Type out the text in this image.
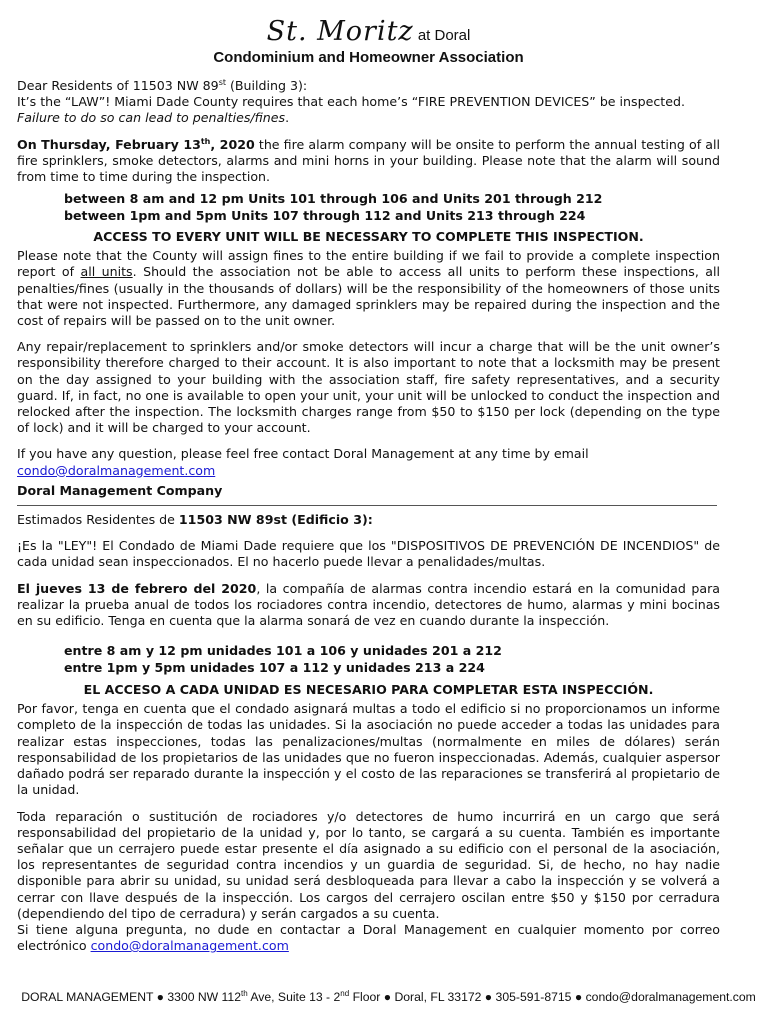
St. Moritz at Doral
Condominium and Homeowner Association

Dear Residents of 11503 NW 89st (Building 3):

It’s the “LAW”! Miami Dade County requires that each home’s “FIRE PREVENTION DEVICES” be inspected.

Failure to do so can lead to penalties/fines.

On Thursday, February 13th, 2020 the fire alarm company will be onsite to perform the annual testing of all fire sprinklers, smoke detectors, alarms and mini horns in your building. Please note that the alarm will sound from time to time during the inspection.

between 8 am and 12 pm Units 101 through 106 and Units 201 through 212
between 1pm and 5pm Units 107 through 112 and Units 213 through 224
ACCESS TO EVERY UNIT WILL BE NECESSARY TO COMPLETE THIS INSPECTION.

Please note that the County will assign fines to the entire building if we fail to provide a complete inspection report of all units. Should the association not be able to access all units to perform these inspections, all penalties/fines (usually in the thousands of dollars) will be the responsibility of the homeowners of those units that were not inspected. Furthermore, any damaged sprinklers may be repaired during the inspection and the cost of repairs will be passed on to the unit owner.

Any repair/replacement to sprinklers and/or smoke detectors will incur a charge that will be the unit owner’s responsibility therefore charged to their account. It is also important to note that a locksmith may be present on the day assigned to your building with the association staff, fire safety representatives, and a security guard. If, in fact, no one is available to open your unit, your unit will be unlocked to conduct the inspection and relocked after the inspection. The locksmith charges range from $50 to $150 per lock (depending on the type of lock) and it will be charged to your account.

If you have any question, please feel free contact Doral Management at any time by email

condo@doralmanagement.com

Doral Management Company

Estimados Residentes de 11503 NW 89st (Edificio 3):

¡Es la "LEY"! El Condado de Miami Dade requiere que los "DISPOSITIVOS DE PREVENCIÓN DE INCENDIOS" de cada unidad sean inspeccionados. El no hacerlo puede llevar a penalidades/multas.

El jueves 13 de febrero del 2020, la compañía de alarmas contra incendio estará en la comunidad para realizar la prueba anual de todos los rociadores contra incendio, detectores de humo, alarmas y mini bocinas en su edificio. Tenga en cuenta que la alarma sonará de vez en cuando durante la inspección.

entre 8 am y 12 pm unidades 101 a 106 y unidades 201 a 212
entre 1pm y 5pm unidades 107 a 112 y unidades 213 a 224
EL ACCESO A CADA UNIDAD ES NECESARIO PARA COMPLETAR ESTA INSPECCIÓN.

Por favor, tenga en cuenta que el condado asignará multas a todo el edificio si no proporcionamos un informe completo de la inspección de todas las unidades. Si la asociación no puede acceder a todas las unidades para realizar estas inspecciones, todas las penalizaciones/multas (normalmente en miles de dólares) serán responsabilidad de los propietarios de las unidades que no fueron inspeccionadas. Además, cualquier aspersor dañado podrá ser reparado durante la inspección y el costo de las reparaciones se transferirá al propietario de la unidad.

Toda reparación o sustitución de rociadores y/o detectores de humo incurrirá en un cargo que será responsabilidad del propietario de la unidad y, por lo tanto, se cargará a su cuenta. También es importante señalar que un cerrajero puede estar presente el día asignado a su edificio con el personal de la asociación, los representantes de seguridad contra incendios y un guardia de seguridad. Si, de hecho, no hay nadie disponible para abrir su unidad, su unidad será desbloqueada para llevar a cabo la inspección y se volverá a cerrar con llave después de la inspección. Los cargos del cerrajero oscilan entre $50 y $150 por cerradura (dependiendo del tipo de cerradura) y serán cargados a su cuenta.

Si tiene alguna pregunta, no dude en contactar a Doral Management en cualquier momento por correo electrónico condo@doralmanagement.com

DORAL MANAGEMENT ● 3300 NW 112th Ave, Suite 13 - 2nd Floor ● Doral, FL 33172 ● 305-591-8715 ● condo@doralmanagement.com
